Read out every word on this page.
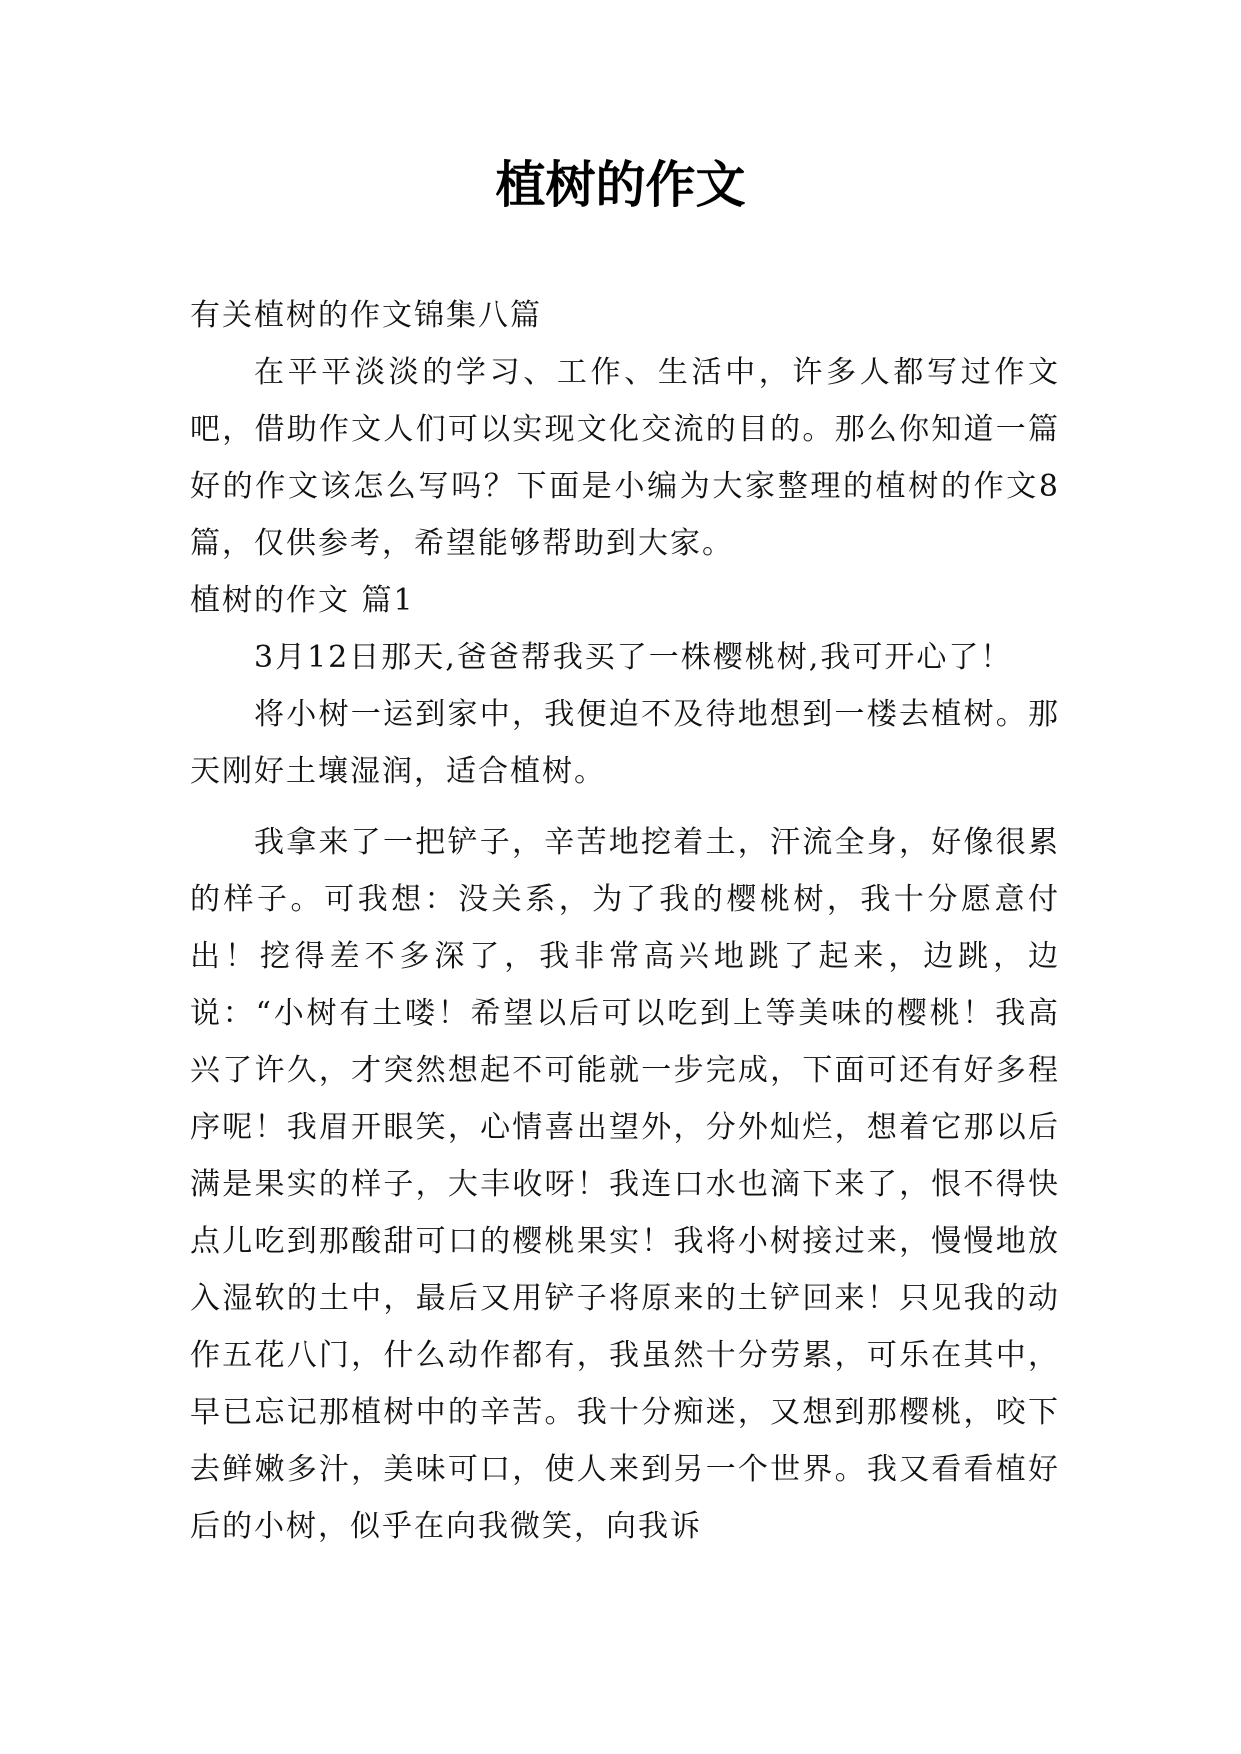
植树的作文

有关植树的作文锦集八篇

在平平淡淡的学习、工作、生活中，许多人都写过作文吧，借助作文人们可以实现文化交流的目的。那么你知道一篇好的作文该怎么写吗？下面是小编为大家整理的植树的作文8篇，仅供参考，希望能够帮助到大家。

植树的作文 篇1

3月12日那天,爸爸帮我买了一株樱桃树,我可开心了！

将小树一运到家中，我便迫不及待地想到一楼去植树。那天刚好土壤湿润，适合植树。

我拿来了一把铲子，辛苦地挖着土，汗流全身，好像很累的样子。可我想：没关系，为了我的樱桃树，我十分愿意付出！挖得差不多深了，我非常高兴地跳了起来，边跳，边说：“小树有土喽！希望以后可以吃到上等美味的樱桃！我高兴了许久，才突然想起不可能就一步完成，下面可还有好多程序呢！我眉开眼笑，心情喜出望外，分外灿烂，想着它那以后满是果实的样子，大丰收呀！我连口水也滴下来了，恨不得快点儿吃到那酸甜可口的樱桃果实！我将小树接过来，慢慢地放入湿软的土中，最后又用铲子将原来的土铲回来！只见我的动作五花八门，什么动作都有，我虽然十分劳累，可乐在其中，早已忘记那植树中的辛苦。我十分痴迷，又想到那樱桃，咬下去鲜嫩多汁，美味可口，使人来到另一个世界。我又看看植好后的小树，似乎在向我微笑，向我诉
